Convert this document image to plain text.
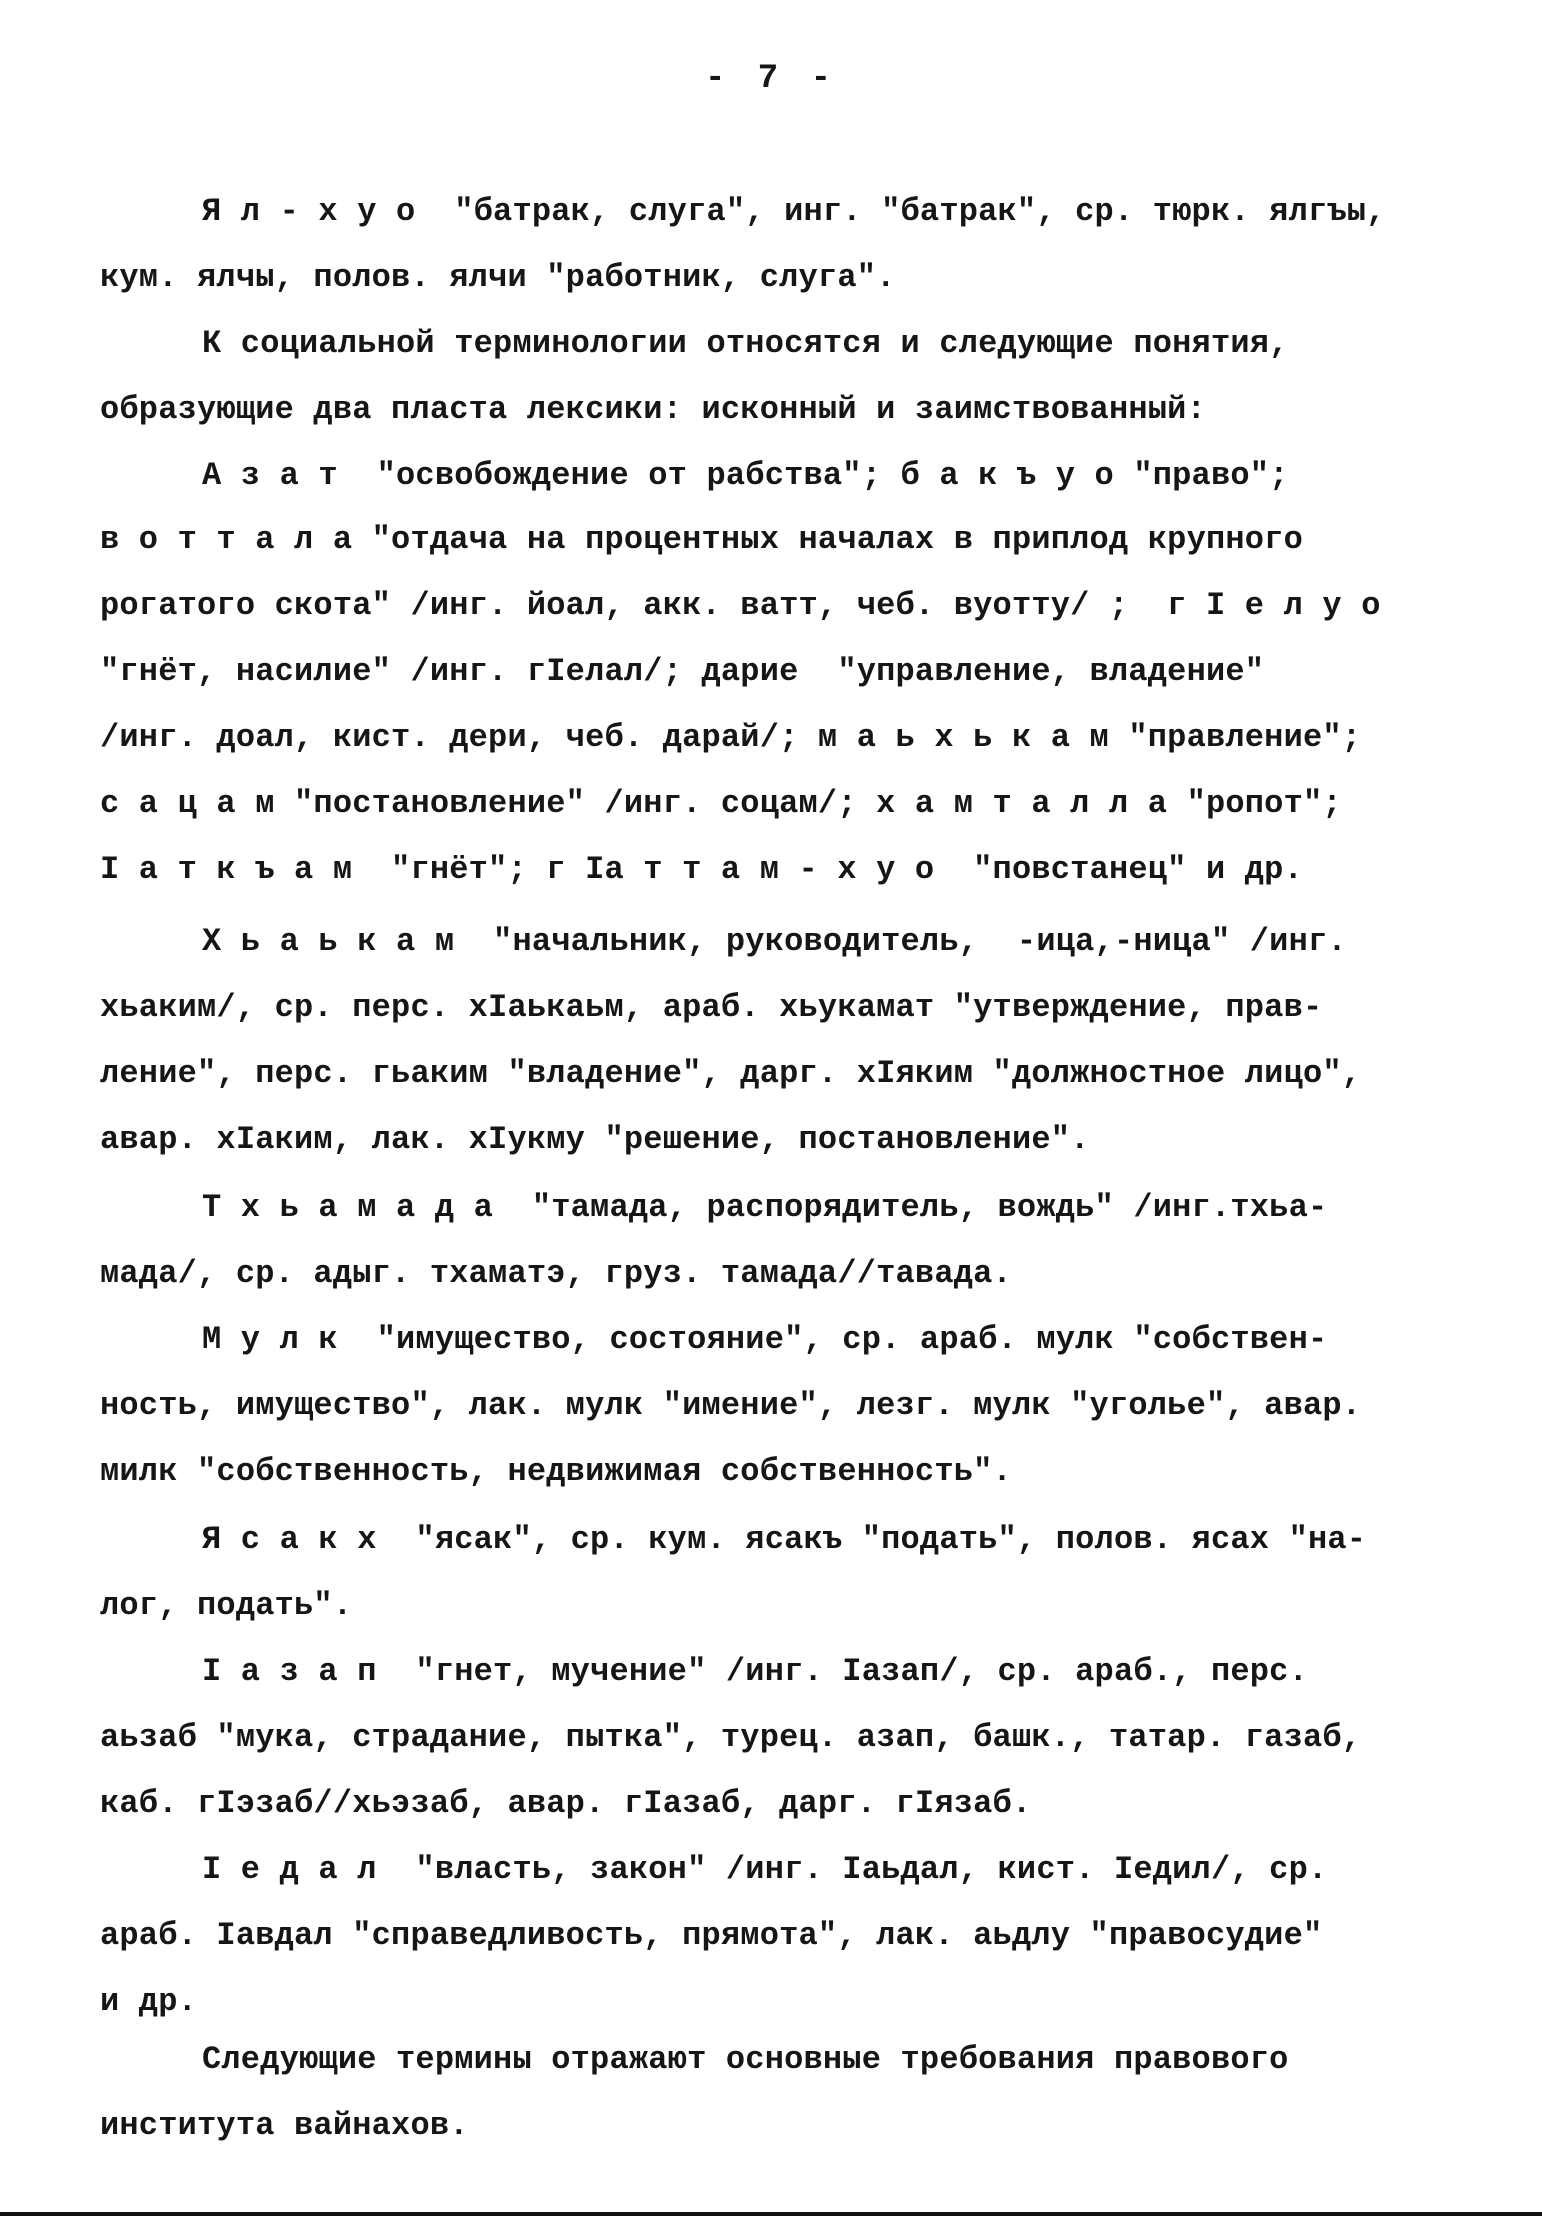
- 7 -
Я л - х у о  "батрак, слуга", инг. "батрак", ср. тюрк. ялгъы,
кум. ялчы, полов. ялчи "работник, слуга".
К социальной терминологии относятся и следующие понятия,
образующие два пласта лексики: исконный и заимствованный:
А з а т  "освобождение от рабства"; б а к ъ у о "право";
в о т т а л а "отдача на процентных началах в приплод крупного
рогатого скота" /инг. йоал, акк. ватт, чеб. вуотту/ ;  г I е л у о
"гнёт, насилие" /инг. гIелал/; дарие  "управление, владение"
/инг. доал, кист. дери, чеб. дарай/; м а ь х ь к а м "правление";
с а ц а м "постановление" /инг. соцам/; х а м т а л л а "ропот";
I а т к ъ а м  "гнёт"; г Iа т т а м - х у о  "повстанец" и др.
Х ь а ь к а м  "начальник, руководитель,  -ица,-ница" /инг.
хьаким/, ср. перс. хIаькаьм, араб. хьукамат "утверждение, прав-
ление", перс. гьаким "владение", дарг. хIяким "должностное лицо",
авар. хIаким, лак. хIукму "решение, постановление".
Т х ь а м а д а  "тамада, распорядитель, вождь" /инг.тхьа-
мада/, ср. адыг. тхаматэ, груз. тамада//тавада.
М у л к  "имущество, состояние", ср. араб. мулк "собствен-
ность, имущество", лак. мулк "имение", лезг. мулк "уголье", авар.
милк "собственность, недвижимая собственность".
Я с а к х  "ясак", ср. кум. ясакъ "подать", полов. ясах "на-
лог, подать".
I а з а п  "гнет, мучение" /инг. Iазап/, ср. араб., перс.
аьзаб "мука, страдание, пытка", турец. азап, башк., татар. газаб,
каб. гIэзаб//хьэзаб, авар. гIазаб, дарг. гIязаб.
I е д а л  "власть, закон" /инг. Iаьдал, кист. Iедил/, ср.
араб. Iавдал "справедливость, прямота", лак. аьдлу "правосудие"
и др.
Следующие термины отражают основные требования правового
института вайнахов.
